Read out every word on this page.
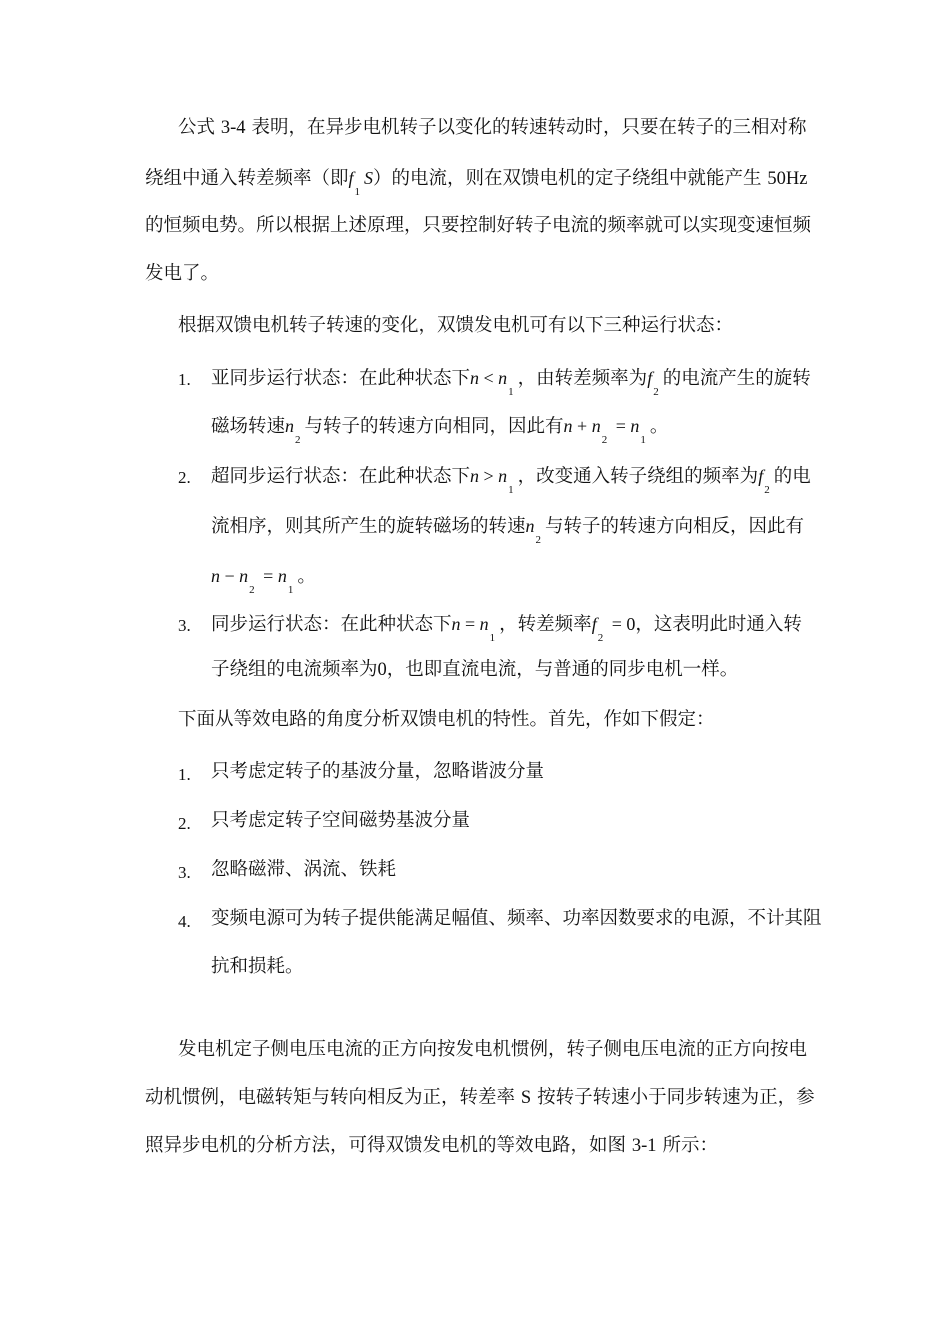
公式 3-4 表明，在异步电机转子以变化的转速转动时，只要在转子的三相对称
绕组中通入转差频率（即$f_1S$）的电流，则在双馈电机的定子绕组中就能产生 50Hz
的恒频电势。所以根据上述原理，只要控制好转子电流的频率就可以实现变速恒频
发电了。
根据双馈电机转子转速的变化，双馈发电机可有以下三种运行状态：
1. 亚同步运行状态：在此种状态下$n < n_1$，由转差频率为$f_2$的电流产生的旋转
磁场转速$n_2$与转子的转速方向相同，因此有$n + n_2 = n_1$。
2. 超同步运行状态：在此种状态下$n > n_1$，改变通入转子绕组的频率为$f_2$的电
流相序，则其所产生的旋转磁场的转速$n_2$与转子的转速方向相反，因此有
$n - n_2 = n_1$。
3. 同步运行状态：在此种状态下$n = n_1$，转差频率$f_2 = 0$，这表明此时通入转
子绕组的电流频率为0，也即直流电流，与普通的同步电机一样。
下面从等效电路的角度分析双馈电机的特性。首先，作如下假定：
1. 只考虑定转子的基波分量，忽略谐波分量
2. 只考虑定转子空间磁势基波分量
3. 忽略磁滞、涡流、铁耗
4. 变频电源可为转子提供能满足幅值、频率、功率因数要求的电源，不计其阻
抗和损耗。
发电机定子侧电压电流的正方向按发电机惯例，转子侧电压电流的正方向按电
动机惯例，电磁转矩与转向相反为正，转差率 S 按转子转速小于同步转速为正，参
照异步电机的分析方法，可得双馈发电机的等效电路，如图 3-1 所示：
